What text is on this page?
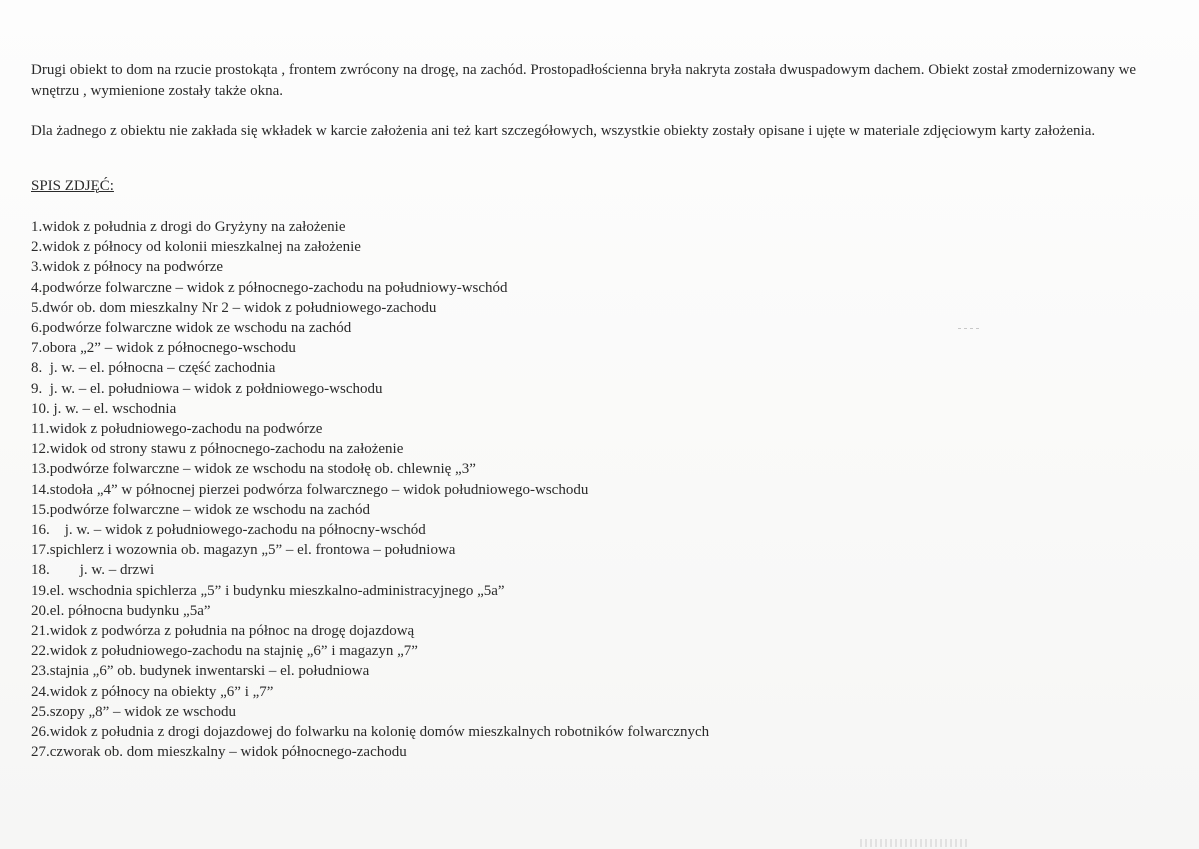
Drugi obiekt to dom na rzucie prostokąta , frontem zwrócony na drogę, na zachód. Prostopadłościenna bryła nakryta została dwuspadowym dachem. Obiekt został zmodernizowany we wnętrzu , wymienione zostały także okna.

Dla żadnego z obiektu nie zakłada się wkładek w karcie założenia ani też kart szczegółowych, wszystkie obiekty zostały opisane i ujęte w materiale zdjęciowym karty założenia.

SPIS ZDJĘĆ:

1.widok z południa z drogi do Gryżyny na założenie
2.widok z północy od kolonii mieszkalnej na założenie
3.widok z północy na podwórze
4.podwórze folwarczne – widok z północnego-zachodu na południowy-wschód
5.dwór ob. dom mieszkalny Nr 2 – widok z południowego-zachodu
6.podwórze folwarczne widok ze wschodu na zachód
7.obora „2” – widok z północnego-wschodu
8.  j. w. – el. północna – część zachodnia
9.  j. w. – el. południowa – widok z połdniowego-wschodu
10. j. w. – el. wschodnia
11.widok z południowego-zachodu na podwórze
12.widok od strony stawu z północnego-zachodu na założenie
13.podwórze folwarczne – widok ze wschodu na stodołę ob. chlewnię „3”
14.stodoła „4” w północnej pierzei podwórza folwarcznego – widok południowego-wschodu
15.podwórze folwarczne – widok ze wschodu na zachód
16.    j. w. – widok z południowego-zachodu na północny-wschód
17.spichlerz i wozownia ob. magazyn „5” – el. frontowa – południowa
18.        j. w. – drzwi
19.el. wschodnia spichlerza „5” i budynku mieszkalno-administracyjnego „5a”
20.el. północna budynku „5a”
21.widok z podwórza z południa na północ na drogę dojazdową
22.widok z południowego-zachodu na stajnię „6” i magazyn „7”
23.stajnia „6” ob. budynek inwentarski – el. południowa
24.widok z północy na obiekty „6” i „7”
25.szopy „8” – widok ze wschodu
26.widok z południa z drogi dojazdowej do folwarku na kolonię domów mieszkalnych robotników folwarcznych
27.czworak ob. dom mieszkalny – widok północnego-zachodu
